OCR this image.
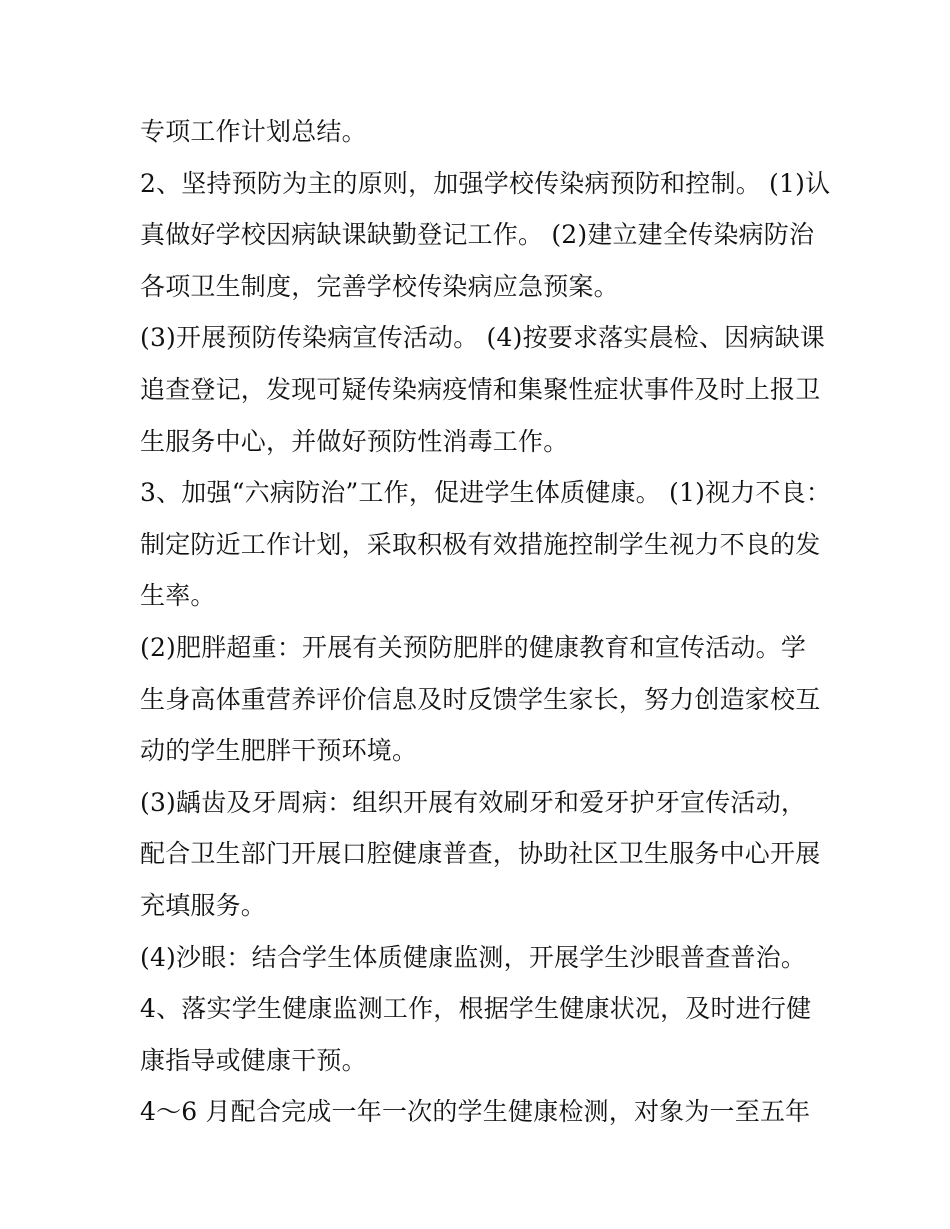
专项工作计划总结。
2、坚持预防为主的原则，加强学校传染病预防和控制。 (1)认
真做好学校因病缺课缺勤登记工作。 (2)建立建全传染病防治
各项卫生制度，完善学校传染病应急预案。
(3)开展预防传染病宣传活动。 (4)按要求落实晨检、因病缺课
追查登记，发现可疑传染病疫情和集聚性症状事件及时上报卫
生服务中心，并做好预防性消毒工作。
3、加强“六病防治”工作，促进学生体质健康。 (1)视力不良：
制定防近工作计划，采取积极有效措施控制学生视力不良的发
生率。
(2)肥胖超重：开展有关预防肥胖的健康教育和宣传活动。学
生身高体重营养评价信息及时反馈学生家长，努力创造家校互
动的学生肥胖干预环境。
(3)龋齿及牙周病：组织开展有效刷牙和爱牙护牙宣传活动，
配合卫生部门开展口腔健康普查，协助社区卫生服务中心开展
充填服务。
(4)沙眼：结合学生体质健康监测，开展学生沙眼普查普治。
4、落实学生健康监测工作，根据学生健康状况，及时进行健
康指导或健康干预。
4～6 月配合完成一年一次的学生健康检测，对象为一至五年
